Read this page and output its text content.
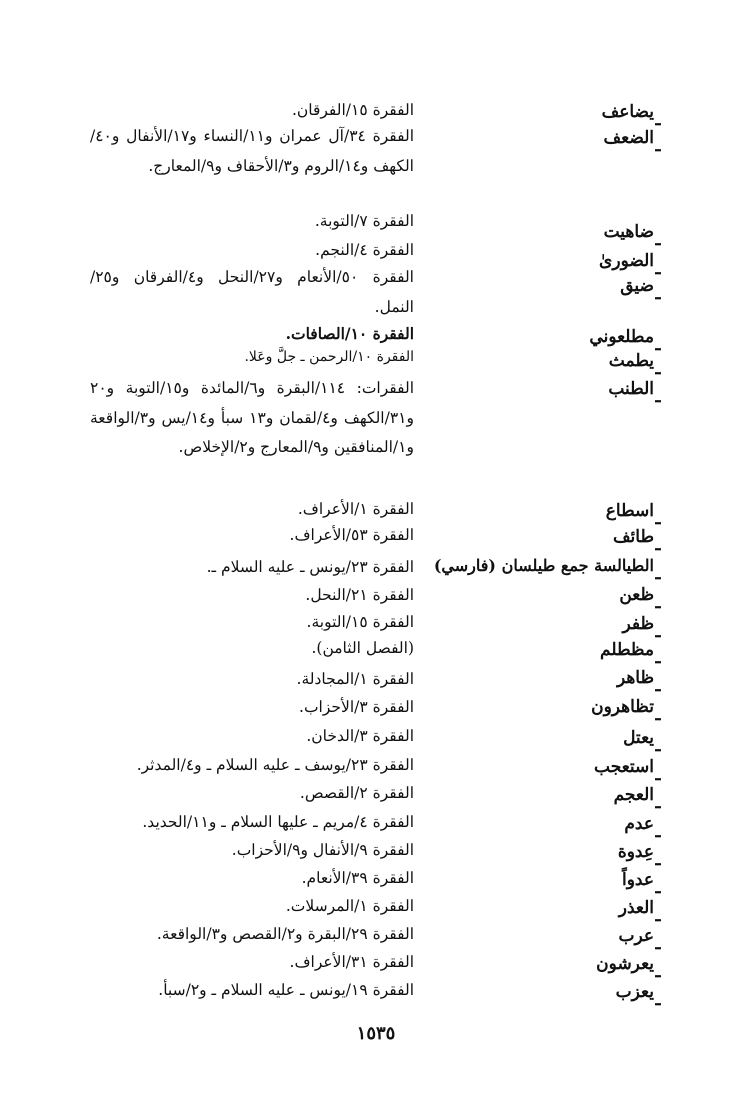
ـ
يضاعف
الفقرة ١٥/الفرقان.
ـ
الضعف
الفقرة ٣٤/آل عمران و١١/النساء و١٧/الأنفال و٤٠/الكهف و١٤/الروم و٣/الأحقاف و٩/المعارج.
ـ
ضاهيت
الفقرة ٧/التوبة.
ـ
الضورىٰ
الفقرة ٤/النجم.
ـ
ضيق
الفقرة ٥٠/الأنعام و٢٧/النحل و٤/الفرقان و٢٥/النمل.
ـ
مطلعوني
الفقرة ١٠/الصافات.
ـ
يطمث
الفقرة ١٠/الرحمن ـ جلَّ وعَلا.
ـ
الطنب
الفقرات: ١١٤/البقرة و٦/المائدة و١٥/التوبة و٢٠ و٣١/الكهف و٤/لقمان و١٣ سبأ و١٤/يس و٣/الواقعة و١/المنافقين و٩/المعارج و٢/الإخلاص.
ـ
اسطاع
الفقرة ١/الأعراف.
ـ
طائف
الفقرة ٥٣/الأعراف.
ـ
الطيالسة جمع طيلسان (فارسي)
الفقرة ٢٣/يونس ـ عليه السلام ـ.
ـ
ظعن
الفقرة ٢١/النحل.
ـ
ظفر
الفقرة ١٥/التوبة.
ـ
مظطلم
(الفصل الثامن).
ـ
ظاهر
الفقرة ١/المجادلة.
ـ
تظاهرون
الفقرة ٣/الأحزاب.
ـ
يعتل
الفقرة ٣/الدخان.
ـ
استعجب
الفقرة ٢٣/يوسف ـ عليه السلام ـ و٤/المدثر.
ـ
العجم
الفقرة ٢/القصص.
ـ
عدم
الفقرة ٤/مريم ـ عليها السلام ـ و١١/الحديد.
ـ
عِدوة
الفقرة ٩/الأنفال و٩/الأحزاب.
ـ
عدواً
الفقرة ٣٩/الأنعام.
ـ
العذر
الفقرة ١/المرسلات.
ـ
عرب
الفقرة ٢٩/البقرة و٢/القصص و٣/الواقعة.
ـ
يعرشون
الفقرة ٣١/الأعراف.
ـ
يعزب
الفقرة ١٩/يونس ـ عليه السلام ـ و٢/سبأ.
١٥٣٥
